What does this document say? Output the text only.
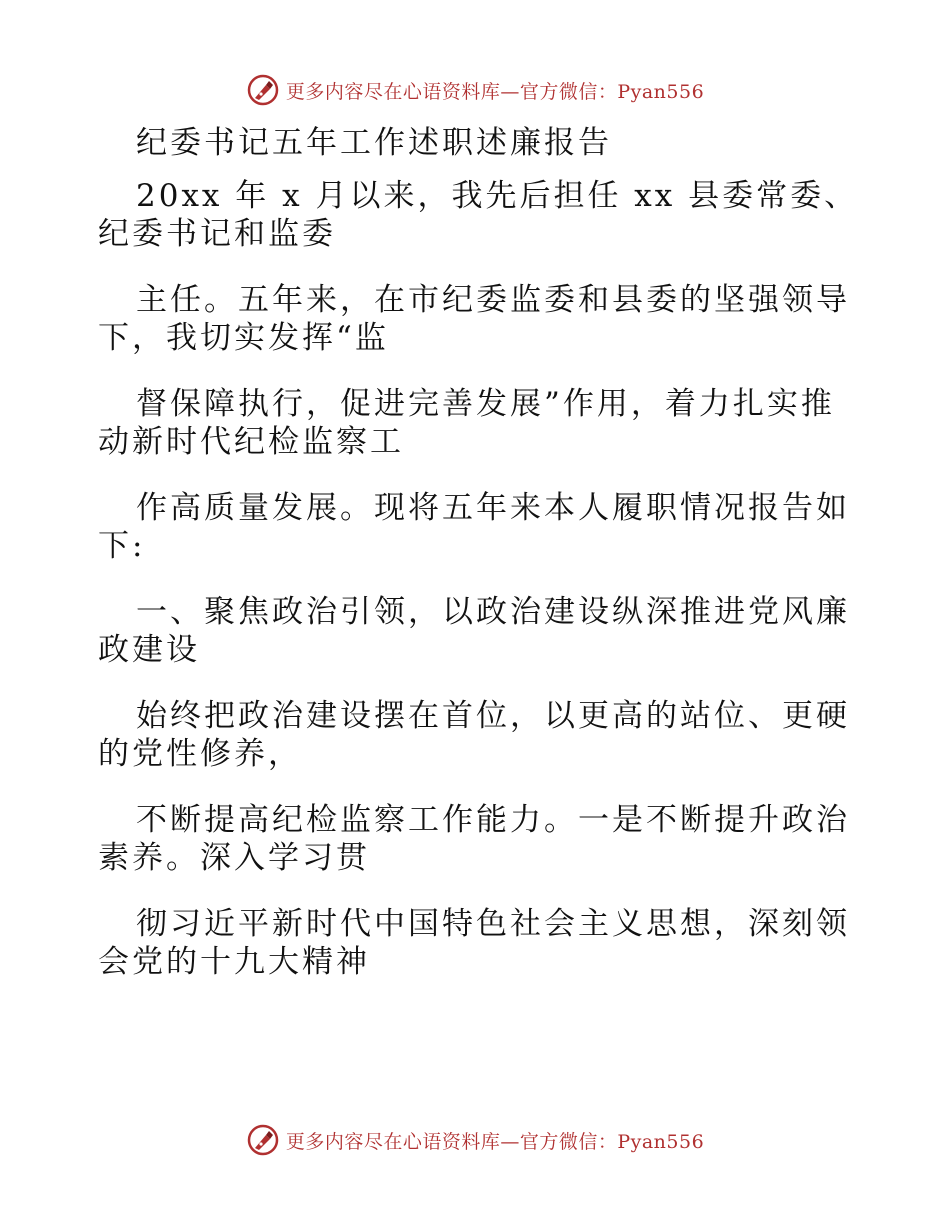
更多内容尽在心语资料库—官方微信：Pyan556

纪委书记五年工作述职述廉报告

20xx 年 x 月以来，我先后担任 xx 县委常委、

纪委书记和监委

主任。五年来，在市纪委监委和县委的坚强领导

下，我切实发挥“监

督保障执行，促进完善发展”作用，着力扎实推

动新时代纪检监察工

作高质量发展。现将五年来本人履职情况报告如

下:

一、聚焦政治引领，以政治建设纵深推进党风廉

政建设

始终把政治建设摆在首位，以更高的站位、更硬

的党性修养，

不断提高纪检监察工作能力。一是不断提升政治

素养。深入学习贯

彻习近平新时代中国特色社会主义思想，深刻领

会党的十九大精神

更多内容尽在心语资料库—官方微信：Pyan556
